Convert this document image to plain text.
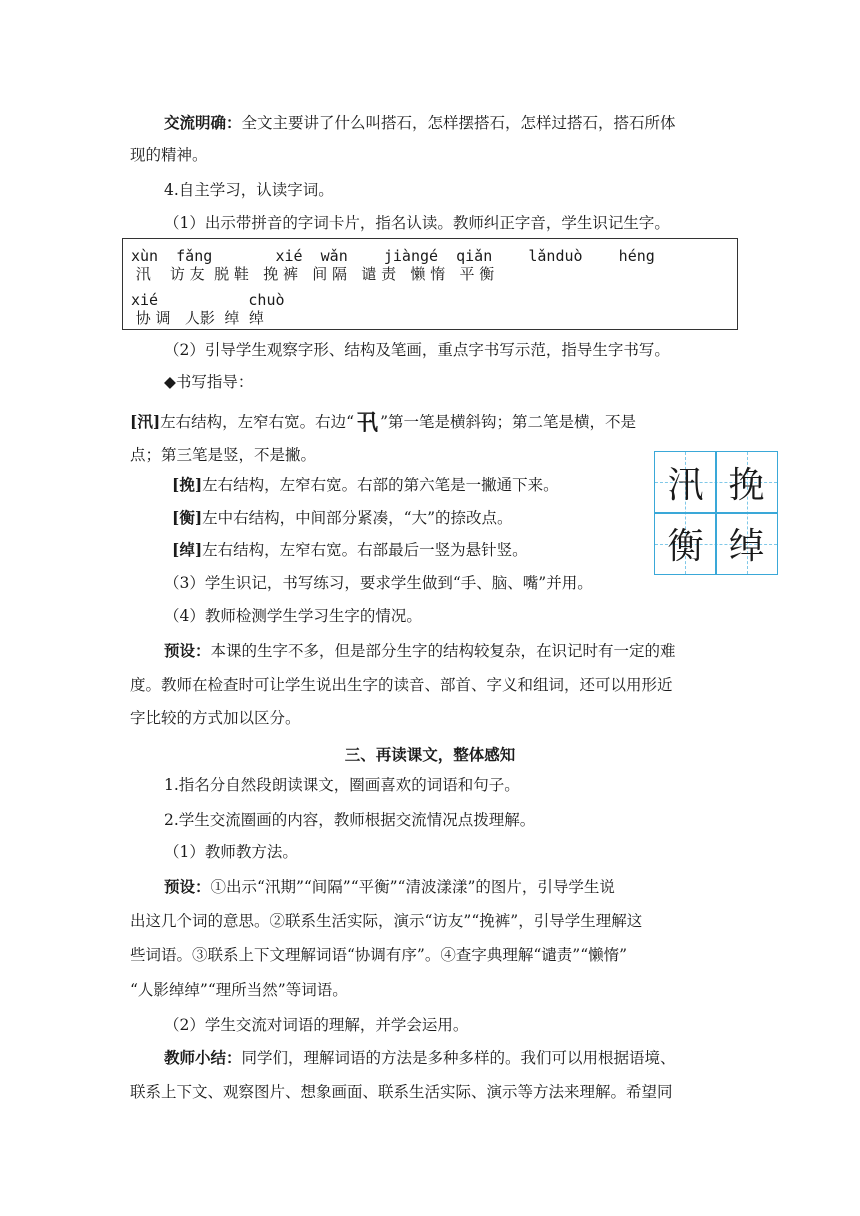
交流明确：全文主要讲了什么叫搭石，怎样摆搭石，怎样过搭石，搭石所体
现的精神。
4.自主学习，认读字词。
（1）出示带拼音的字词卡片，指名认读。教师纠正字音，学生识记生字。
xùn  fǎng       xié  wǎn    jiàngé  qiǎn    lǎnduò    héng
汛    访 友  脱 鞋   挽 裤   间 隔   谴 责   懒 惰   平 衡
xié          chuò
协 调   人影  绰  绰
（2）引导学生观察字形、结构及笔画，重点字书写示范，指导生字书写。
◆书写指导：
[汛]左右结构，左窄右宽。右边“卂 ”第一笔是横斜钩；第二笔是横，不是
点；第三笔是竖，不是撇。
[挽]左右结构，左窄右宽。右部的第六笔是一撇通下来。
[衡]左中右结构，中间部分紧凑，“大”的捺改点。
[绰]左右结构，左窄右宽。右部最后一竖为悬针竖。
汛 挽
衡 绰
（3）学生识记，书写练习，要求学生做到“手、脑、嘴”并用。
（4）教师检测学生学习生字的情况。
预设：本课的生字不多，但是部分生字的结构较复杂，在识记时有一定的难
度。教师在检查时可让学生说出生字的读音、部首、字义和组词，还可以用形近
字比较的方式加以区分。
三、再读课文，整体感知
1.指名分自然段朗读课文，圈画喜欢的词语和句子。
2.学生交流圈画的内容，教师根据交流情况点拨理解。
（1）教师教方法。
预设：①出示“汛期”“间隔”“平衡”“清波漾漾”的图片，引导学生说
出这几个词的意思。②联系生活实际，演示“访友”“挽裤”，引导学生理解这
些词语。③联系上下文理解词语“协调有序”。④查字典理解“谴责”“懒惰”
“人影绰绰”“理所当然”等词语。
（2）学生交流对词语的理解，并学会运用。
教师小结：同学们，理解词语的方法是多种多样的。我们可以用根据语境、
联系上下文、观察图片、想象画面、联系生活实际、演示等方法来理解。希望同
